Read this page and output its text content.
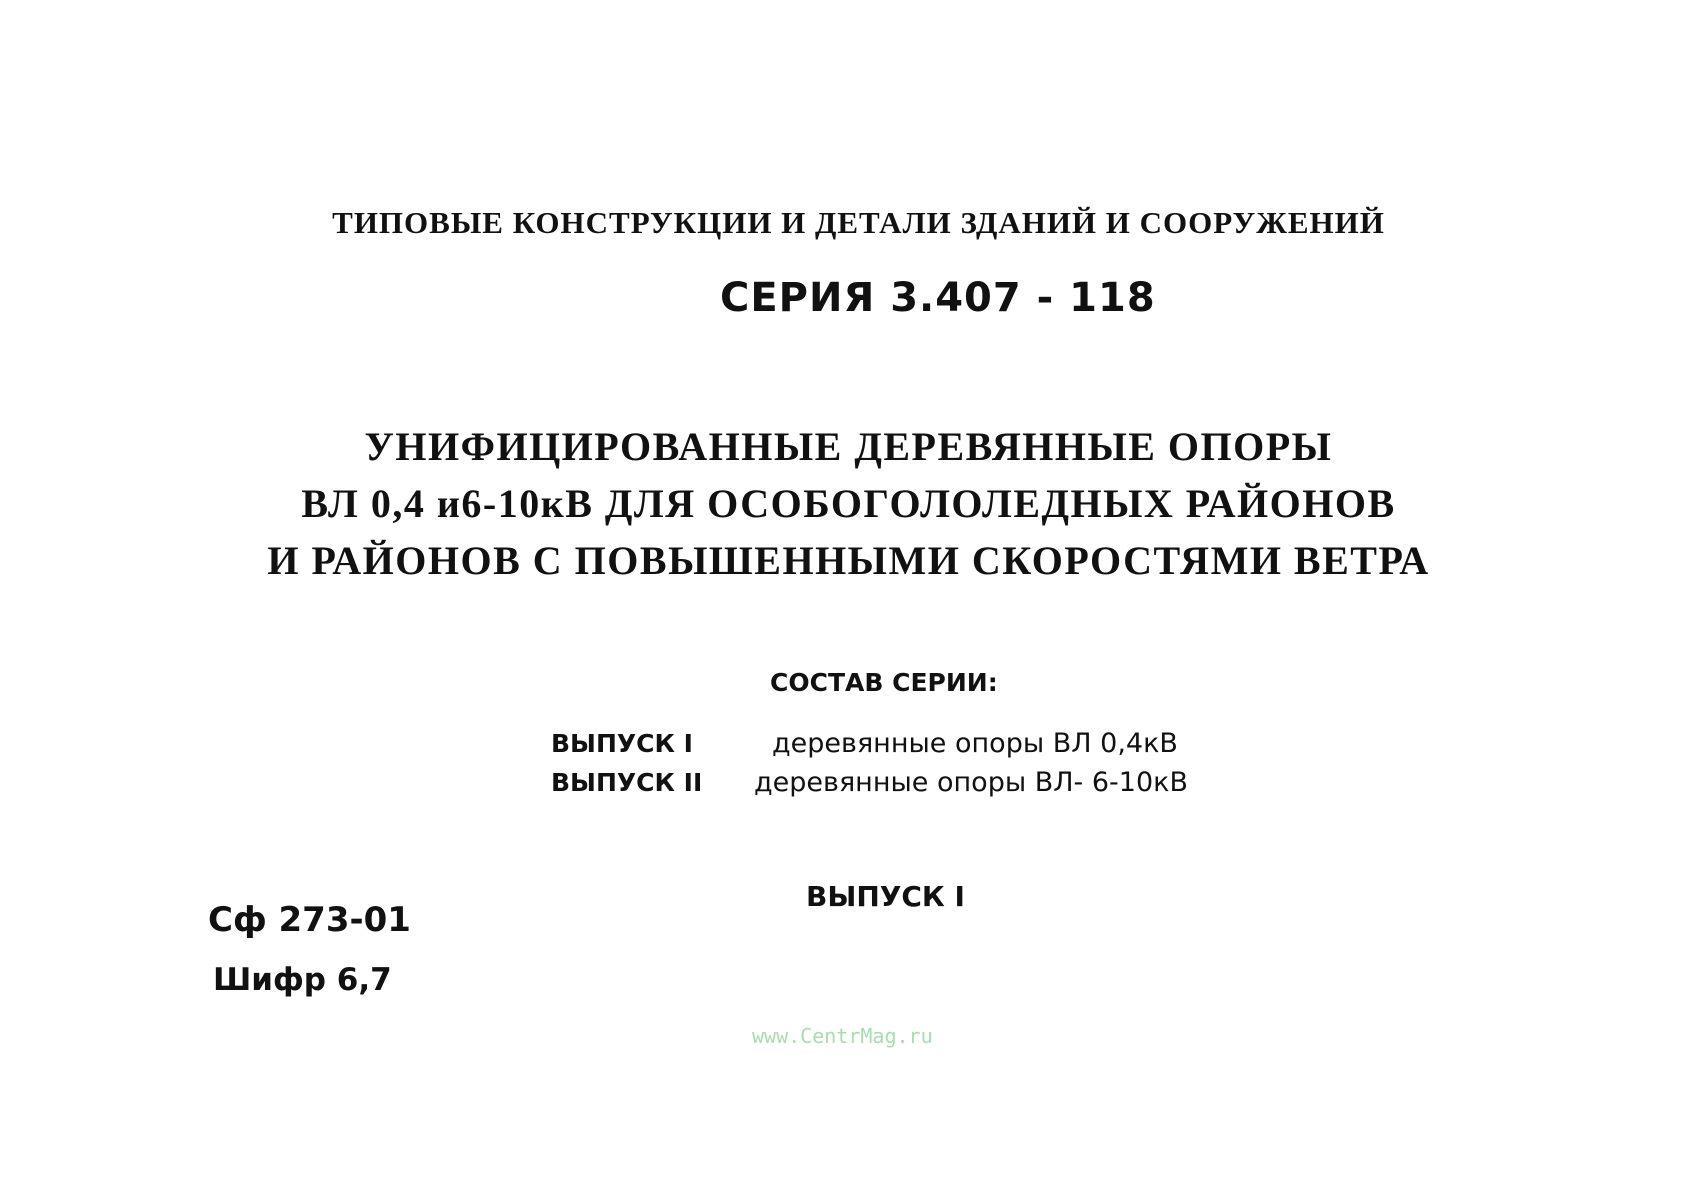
ТИПОВЫЕ КОНСТРУКЦИИ И ДЕТАЛИ ЗДАНИЙ И СООРУЖЕНИЙ
СЕРИЯ 3.407 - 118
УНИФИЦИРОВАННЫЕ ДЕРЕВЯННЫЕ ОПОРЫ
ВЛ 0,4 и6-10кВ ДЛЯ ОСОБОГОЛОЛЕДНЫХ РАЙОНОВ
И РАЙОНОВ С ПОВЫШЕННЫМИ СКОРОСТЯМИ ВЕТРА
СОСТАВ СЕРИИ:
ВЫПУСК I	деревянные опоры ВЛ 0,4кВ
ВЫПУСК II деревянные опоры ВЛ- 6-10кВ
ВЫПУСК I
Сф 273-01
Шифр 6,7
www.CentrMag.ru
